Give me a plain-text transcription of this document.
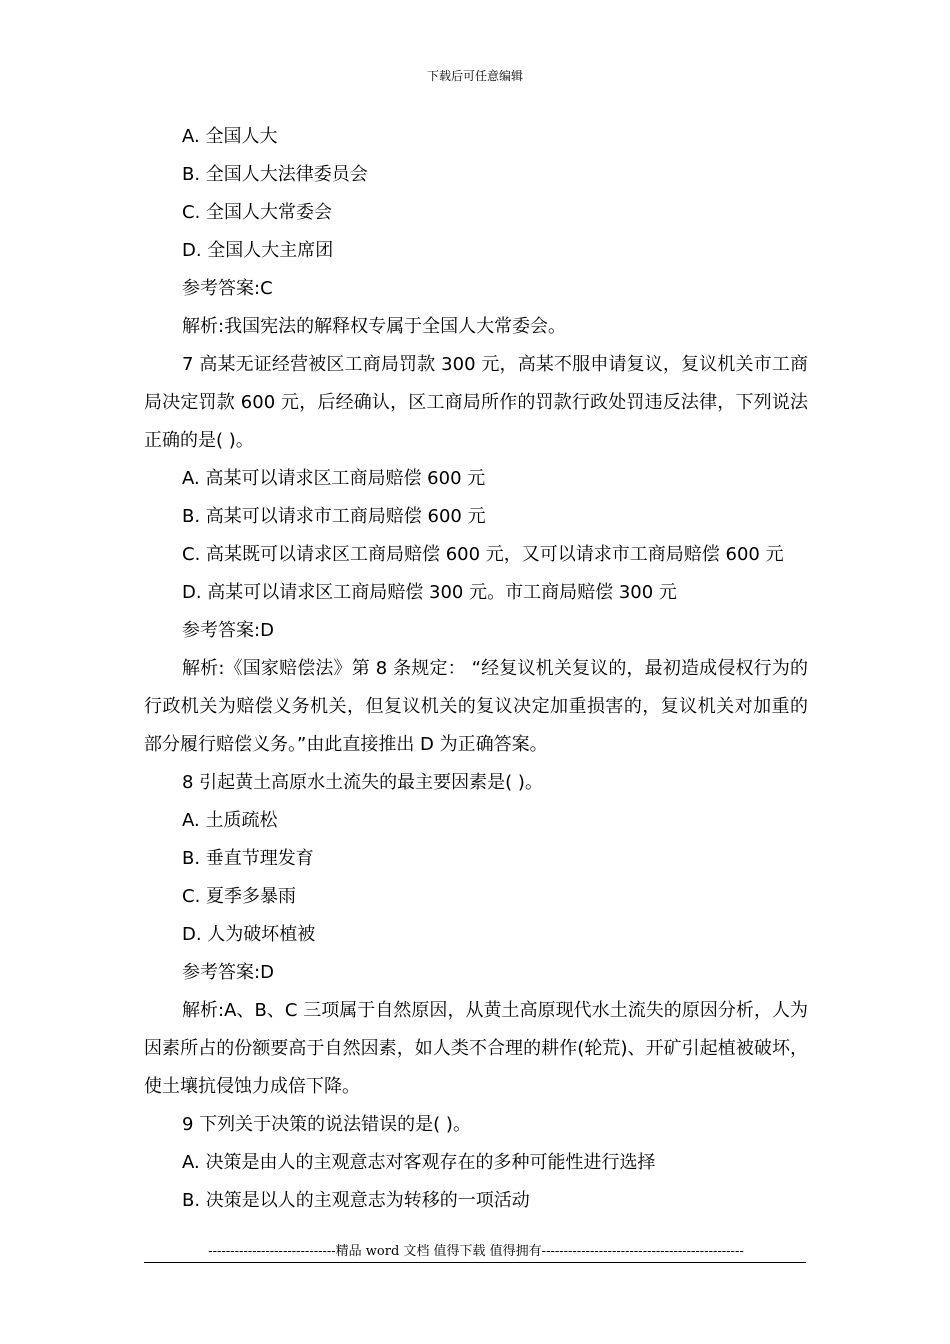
下载后可任意编辑

A. 全国人大

B. 全国人大法律委员会

C. 全国人大常委会

D. 全国人大主席团

参考答案:C

解析:我国宪法的解释权专属于全国人大常委会。

7 高某无证经营被区工商局罚款 300 元，高某不服申请复议，复议机关市工商局决定罚款 600 元，后经确认，区工商局所作的罚款行政处罚违反法律，下列说法正确的是( )。

A. 高某可以请求区工商局赔偿 600 元

B. 高某可以请求市工商局赔偿 600 元

C. 高某既可以请求区工商局赔偿 600 元，又可以请求市工商局赔偿 600 元

D. 高某可以请求区工商局赔偿 300 元。市工商局赔偿 300 元

参考答案:D

解析:《国家赔偿法》第 8 条规定： “经复议机关复议的，最初造成侵权行为的行政机关为赔偿义务机关，但复议机关的复议决定加重损害的，复议机关对加重的部分履行赔偿义务。”由此直接推出 D 为正确答案。

8 引起黄土高原水土流失的最主要因素是( )。

A. 土质疏松

B. 垂直节理发育

C. 夏季多暴雨

D. 人为破坏植被

参考答案:D

解析:A、B、C 三项属于自然原因，从黄土高原现代水土流失的原因分析，人为因素所占的份额要高于自然因素，如人类不合理的耕作(轮荒)、开矿引起植被破坏，使土壤抗侵蚀力成倍下降。

9 下列关于决策的说法错误的是( )。

A. 决策是由人的主观意志对客观存在的多种可能性进行选择

B. 决策是以人的主观意志为转移的一项活动

-----------------------------精品 word 文档 值得下载 值得拥有----------------------------------------------
